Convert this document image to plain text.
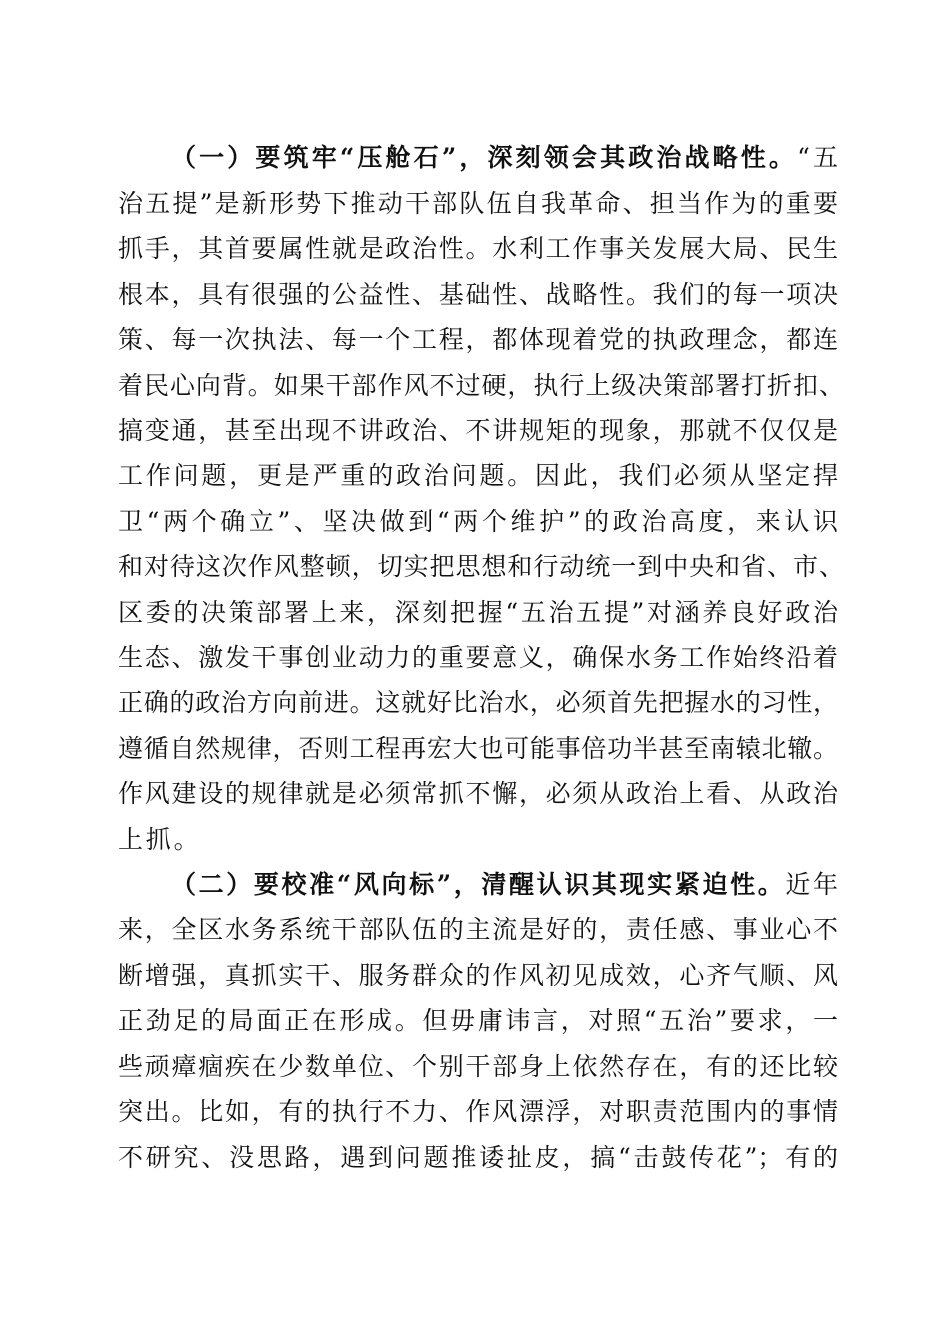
（一）要筑牢“压舱石”，深刻领会其政治战略性。“五
治五提”是新形势下推动干部队伍自我革命、担当作为的重要
抓手，其首要属性就是政治性。水利工作事关发展大局、民生
根本，具有很强的公益性、基础性、战略性。我们的每一项决
策、每一次执法、每一个工程，都体现着党的执政理念，都连
着民心向背。如果干部作风不过硬，执行上级决策部署打折扣、
搞变通，甚至出现不讲政治、不讲规矩的现象，那就不仅仅是
工作问题，更是严重的政治问题。因此，我们必须从坚定捍
卫“两个确立”、坚决做到“两个维护”的政治高度，来认识
和对待这次作风整顿，切实把思想和行动统一到中央和省、市、
区委的决策部署上来，深刻把握“五治五提”对涵养良好政治
生态、激发干事创业动力的重要意义，确保水务工作始终沿着
正确的政治方向前进。这就好比治水，必须首先把握水的习性，
遵循自然规律，否则工程再宏大也可能事倍功半甚至南辕北辙。
作风建设的规律就是必须常抓不懈，必须从政治上看、从政治
上抓。
（二）要校准“风向标”，清醒认识其现实紧迫性。近年
来，全区水务系统干部队伍的主流是好的，责任感、事业心不
断增强，真抓实干、服务群众的作风初见成效，心齐气顺、风
正劲足的局面正在形成。但毋庸讳言，对照“五治”要求，一
些顽瘴痼疾在少数单位、个别干部身上依然存在，有的还比较
突出。比如，有的执行不力、作风漂浮，对职责范围内的事情
不研究、没思路，遇到问题推诿扯皮，搞“击鼓传花”；有的
